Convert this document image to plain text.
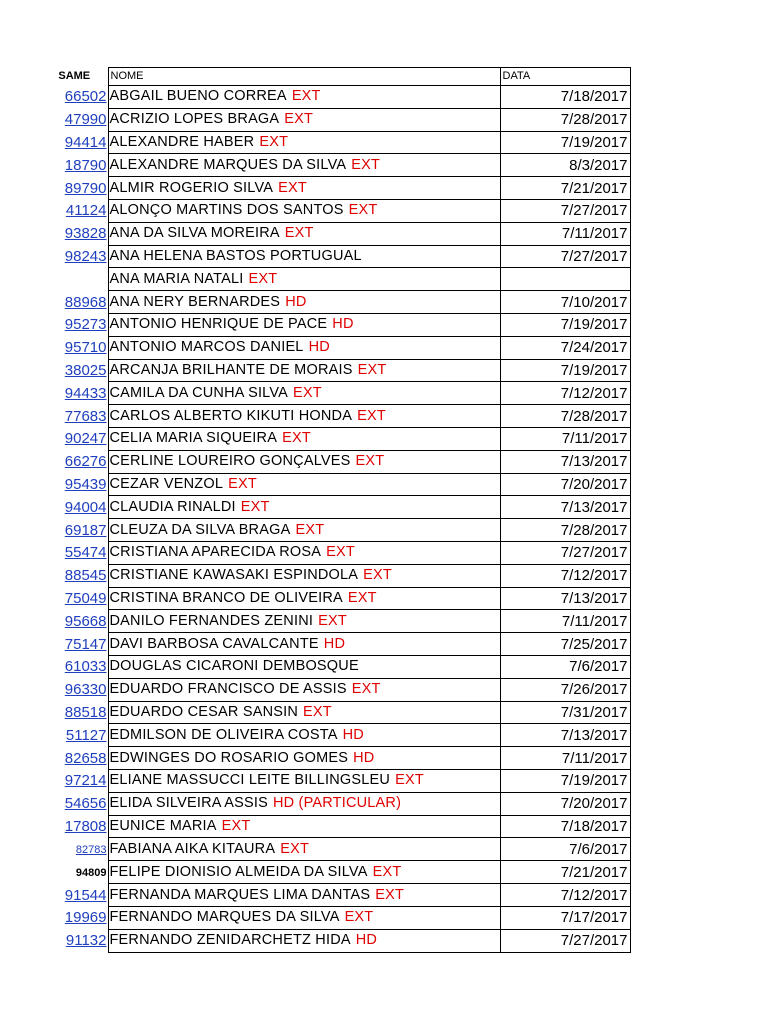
SAME	NOME	DATA
66502	ABGAIL BUENO CORREA EXT	7/18/2017
47990	ACRIZIO LOPES BRAGA EXT	7/28/2017
94414	ALEXANDRE HABER EXT	7/19/2017
18790	ALEXANDRE MARQUES DA SILVA EXT	8/3/2017
89790	ALMIR ROGERIO SILVA EXT	7/21/2017
41124	ALONÇO MARTINS DOS SANTOS EXT	7/27/2017
93828	ANA DA SILVA MOREIRA EXT	7/11/2017
98243	ANA HELENA BASTOS PORTUGUAL	7/27/2017
	ANA MARIA NATALI EXT	
88968	ANA NERY BERNARDES HD	7/10/2017
95273	ANTONIO HENRIQUE DE PACE HD	7/19/2017
95710	ANTONIO MARCOS DANIEL HD	7/24/2017
38025	ARCANJA BRILHANTE DE MORAIS EXT	7/19/2017
94433	CAMILA DA CUNHA SILVA EXT	7/12/2017
77683	CARLOS ALBERTO KIKUTI HONDA EXT	7/28/2017
90247	CELIA MARIA SIQUEIRA EXT	7/11/2017
66276	CERLINE LOUREIRO GONÇALVES EXT	7/13/2017
95439	CEZAR VENZOL EXT	7/20/2017
94004	CLAUDIA RINALDI EXT	7/13/2017
69187	CLEUZA DA SILVA BRAGA EXT	7/28/2017
55474	CRISTIANA APARECIDA ROSA EXT	7/27/2017
88545	CRISTIANE KAWASAKI ESPINDOLA EXT	7/12/2017
75049	CRISTINA BRANCO DE OLIVEIRA EXT	7/13/2017
95668	DANILO FERNANDES ZENINI EXT	7/11/2017
75147	DAVI BARBOSA CAVALCANTE HD	7/25/2017
61033	DOUGLAS CICARONI DEMBOSQUE	7/6/2017
96330	EDUARDO FRANCISCO DE ASSIS EXT	7/26/2017
88518	EDUARDO CESAR SANSIN EXT	7/31/2017
51127	EDMILSON DE OLIVEIRA COSTA HD	7/13/2017
82658	EDWINGES DO ROSARIO GOMES HD	7/11/2017
97214	ELIANE MASSUCCI LEITE BILLINGSLEU EXT	7/19/2017
54656	ELIDA SILVEIRA ASSIS HD (PARTICULAR)	7/20/2017
17808	EUNICE MARIA EXT	7/18/2017
82783	FABIANA AIKA KITAURA EXT	7/6/2017
94809	FELIPE DIONISIO ALMEIDA DA SILVA EXT	7/21/2017
91544	FERNANDA MARQUES LIMA DANTAS EXT	7/12/2017
19969	FERNANDO MARQUES DA SILVA EXT	7/17/2017
91132	FERNANDO ZENIDARCHETZ HIDA HD	7/27/2017
